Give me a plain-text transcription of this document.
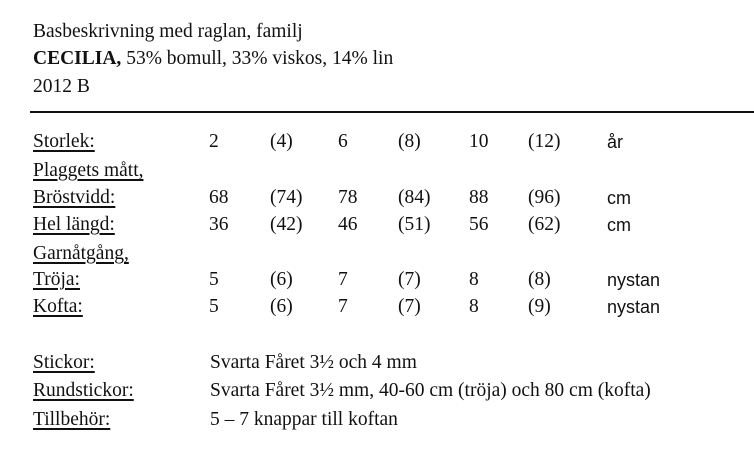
Basbeskrivning med raglan, familj
CECILIA, 53% bomull, 33% viskos, 14% lin
2012 B
Storlek:	2	(4) 6	(8) 10 (12)	år
Plaggets mått,
Bröstvidd:	68 (74) 78 (84) 88 (96)	cm
Hel längd:	36 (42) 46 (51) 56 (62)	cm
Garnåtgång,
Tröja:	5	(6) 7	(7) 8	(8)	nystan
Kofta:	5	(6) 7	(7) 8	(9)	nystan
Stickor:	Svarta Fåret 3½ och 4 mm
Rundstickor:	Svarta Fåret 3½ mm, 40-60 cm (tröja) och 80 cm (kofta)
Tillbehör:	5 – 7 knappar till koftan
